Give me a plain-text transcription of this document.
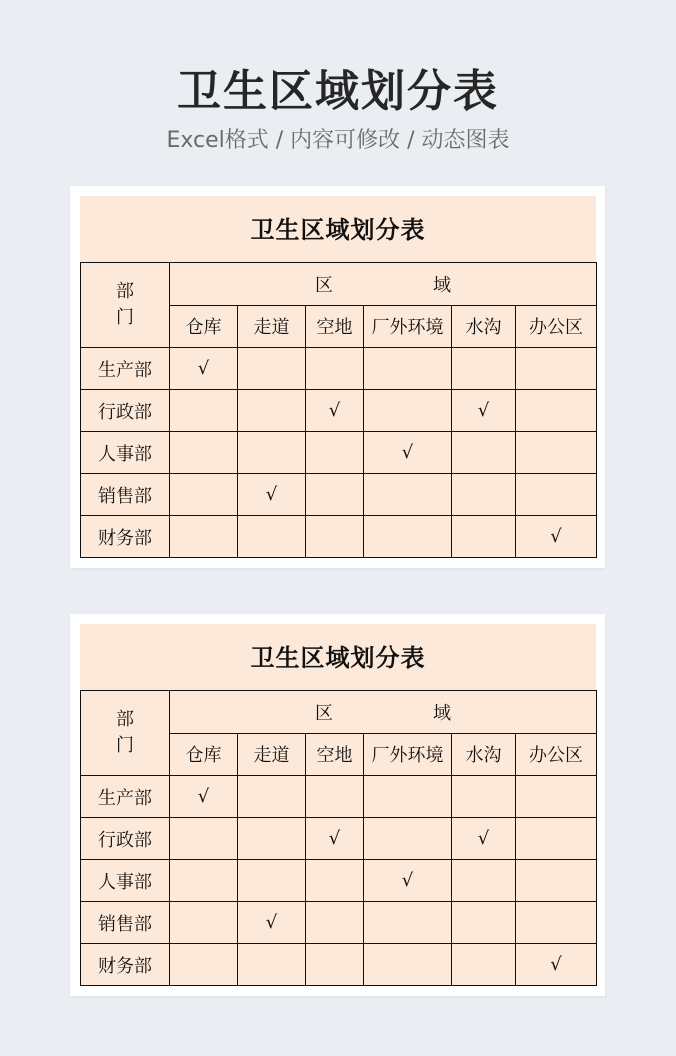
卫生区域划分表
Excel格式 / 内容可修改 / 动态图表
卫生区域划分表
部
门	区 域					
	仓库	走道	空地	厂外环境	水沟	办公区
生产部	√					
行政部			√		√	
人事部				√		
销售部		√				
财务部						√
卫生区域划分表
部
门	区 域					
	仓库	走道	空地	厂外环境	水沟	办公区
生产部	√					
行政部			√		√	
人事部				√		
销售部		√				
财务部						√
